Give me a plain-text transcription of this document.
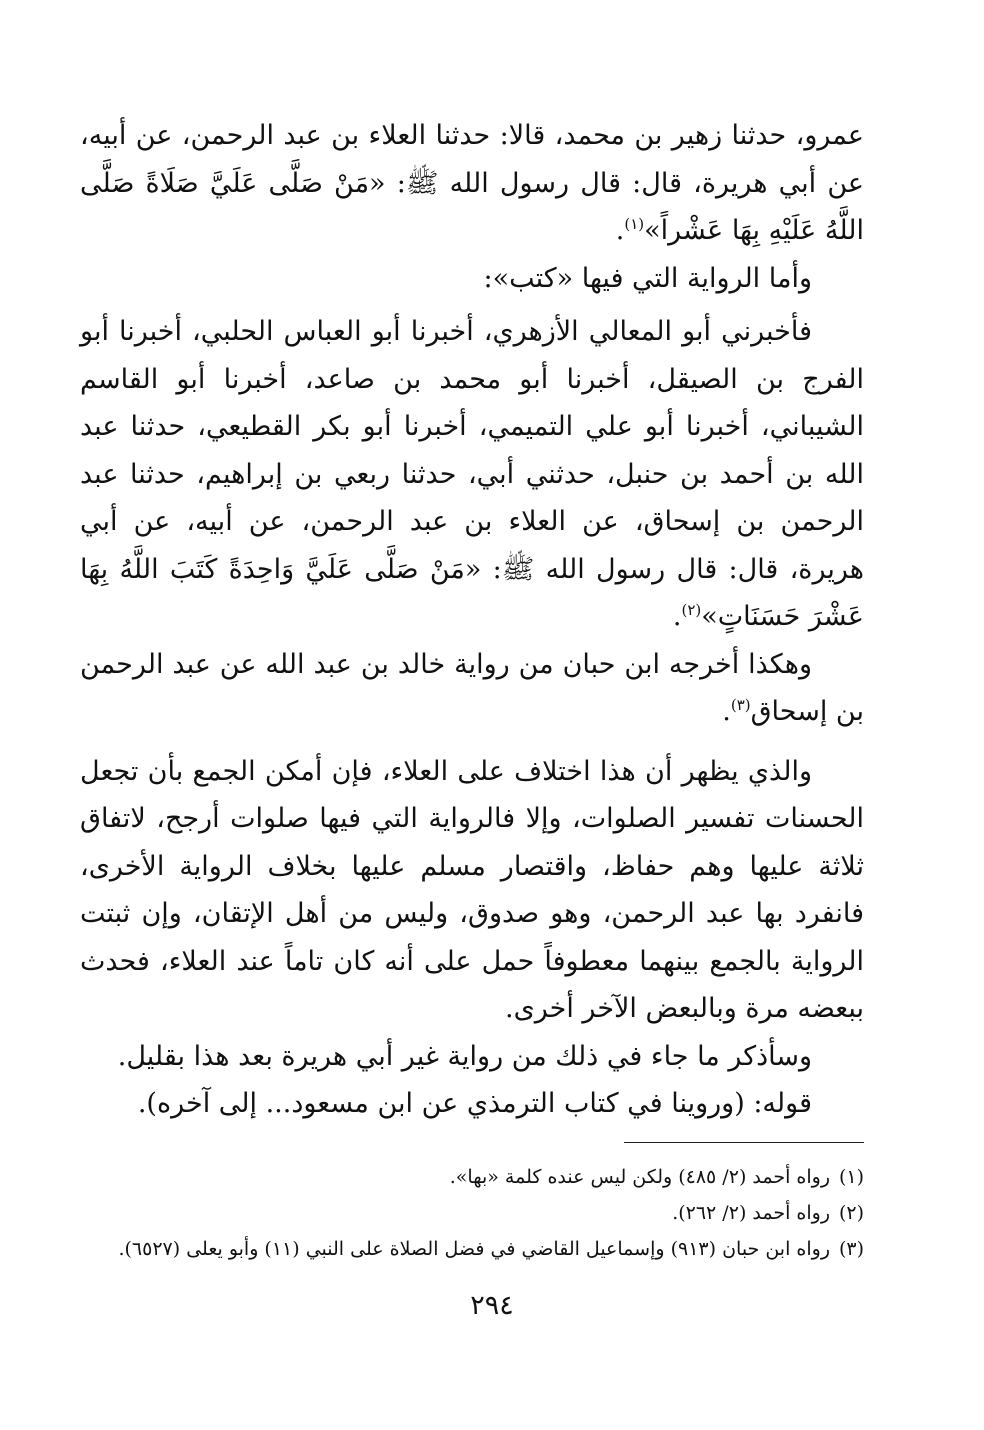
عمرو، حدثنا زهير بن محمد، قالا: حدثنا العلاء بن عبد الرحمن، عن أبيه، عن أبي هريرة، قال: قال رسول الله ﷺ: «مَنْ صَلَّى عَلَيَّ صَلَاةً صَلَّى اللَّهُ عَلَيْهِ بِهَا عَشْراً»$^{(١)}$.

وأما الرواية التي فيها «كتب»:

فأخبرني أبو المعالي الأزهري، أخبرنا أبو العباس الحلبي، أخبرنا أبو الفرج بن الصيقل، أخبرنا أبو محمد بن صاعد، أخبرنا أبو القاسم الشيباني، أخبرنا أبو علي التميمي، أخبرنا أبو بكر القطيعي، حدثنا عبد الله بن أحمد بن حنبل، حدثني أبي، حدثنا ربعي بن إبراهيم، حدثنا عبد الرحمن بن إسحاق، عن العلاء بن عبد الرحمن، عن أبيه، عن أبي هريرة، قال: قال رسول الله ﷺ: «مَنْ صَلَّى عَلَيَّ وَاحِدَةً كَتَبَ اللَّهُ بِهَا عَشْرَ حَسَنَاتٍ»$^{(٢)}$.

وهكذا أخرجه ابن حبان من رواية خالد بن عبد الله عن عبد الرحمن بن إسحاق$^{(٣)}$.

والذي يظهر أن هذا اختلاف على العلاء، فإن أمكن الجمع بأن تجعل الحسنات تفسير الصلوات، وإلا فالرواية التي فيها صلوات أرجح، لاتفاق ثلاثة عليها وهم حفاظ، واقتصار مسلم عليها بخلاف الرواية الأخرى، فانفرد بها عبد الرحمن، وهو صدوق، وليس من أهل الإتقان، وإن ثبتت الرواية بالجمع بينهما معطوفاً حمل على أنه كان تاماً عند العلاء، فحدث ببعضه مرة وبالبعض الآخر أخرى.

وسأذكر ما جاء في ذلك من رواية غير أبي هريرة بعد هذا بقليل.

قوله: (وروينا في كتاب الترمذي عن ابن مسعود... إلى آخره).

(١)
رواه أحمد (٢/ ٤٨٥) ولكن ليس عنده كلمة «بها».
(٢)
رواه أحمد (٢/ ٢٦٢).
(٣)
رواه ابن حبان (٩١٣) وإسماعيل القاضي في فضل الصلاة على النبي (١١) وأبو يعلى (٦٥٢٧).
٢٩٤
